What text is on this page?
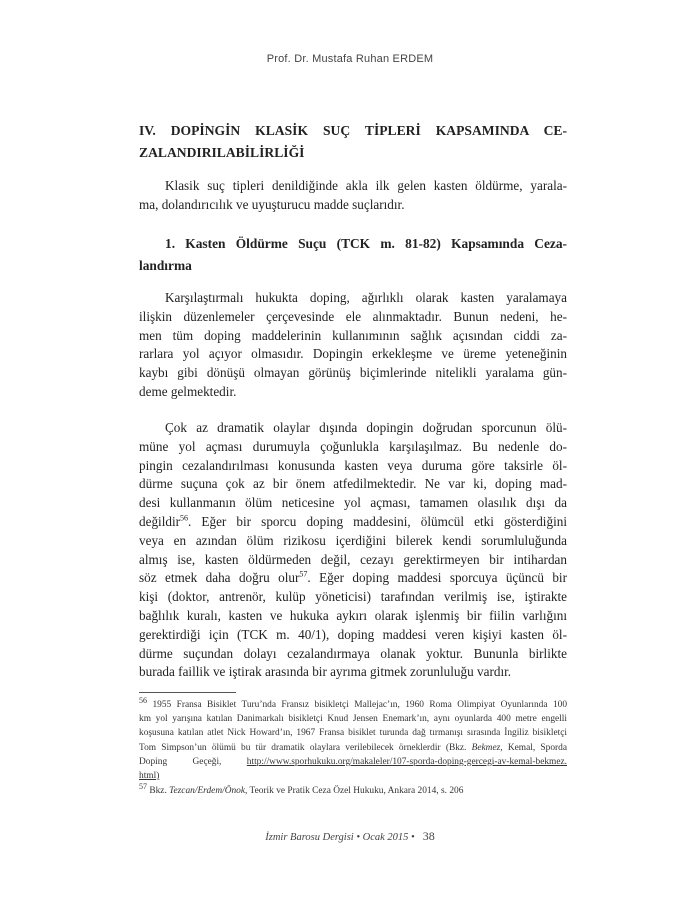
Prof. Dr. Mustafa Ruhan ERDEM
IV. DOPİNGİN KLASİK SUÇ TİPLERİ KAPSAMINDA CE-
ZALANDIRILABİLİRLİĞİ
Klasik suç tipleri denildiğinde akla ilk gelen kasten öldürme, yarala-
ma, dolandırıcılık ve uyuşturucu madde suçlarıdır.
1. Kasten Öldürme Suçu (TCK m. 81-82) Kapsamında Ceza-
landırma
Karşılaştırmalı hukukta doping, ağırlıklı olarak kasten yaralamaya
ilişkin düzenlemeler çerçevesinde ele alınmaktadır. Bunun nedeni, he-
men tüm doping maddelerinin kullanımının sağlık açısından ciddi za-
rarlara yol açıyor olmasıdır. Dopingin erkekleşme ve üreme yeteneğinin
kaybı gibi dönüşü olmayan görünüş biçimlerinde nitelikli yaralama gün-
deme gelmektedir.
Çok az dramatik olaylar dışında dopingin doğrudan sporcunun ölü-
müne yol açması durumuyla çoğunlukla karşılaşılmaz. Bu nedenle do-
pingin cezalandırılması konusunda kasten veya duruma göre taksirle öl-
dürme suçuna çok az bir önem atfedilmektedir. Ne var ki, doping mad-
desi kullanmanın ölüm neticesine yol açması, tamamen olasılık dışı da
değildir$^{56}$. Eğer bir sporcu doping maddesini, ölümcül etki gösterdiğini
veya en azından ölüm rizikosu içerdiğini bilerek kendi sorumluluğunda
almış ise, kasten öldürmeden değil, cezayı gerektirmeyen bir intihardan
söz etmek daha doğru olur$^{57}$. Eğer doping maddesi sporcuya üçüncü bir
kişi (doktor, antrenör, kulüp yöneticisi) tarafından verilmiş ise, iştirakte
bağlılık kuralı, kasten ve hukuka aykırı olarak işlenmiş bir fiilin varlığını
gerektirdiği için (TCK m. 40/1), doping maddesi veren kişiyi kasten öl-
dürme suçundan dolayı cezalandırmaya olanak yoktur. Bununla birlikte
burada faillik ve iştirak arasında bir ayrıma gitmek zorunluluğu vardır.
$^{56}$ 1955 Fransa Bisiklet Turu’nda Fransız bisikletçi Mallejac’ın, 1960 Roma Olimpiyat Oyunlarında 100
km yol yarışına katılan Danimarkalı bisikletçi Knud Jensen Enemark’ın, aynı oyunlarda 400 metre engelli
koşusuna katılan atlet Nick Howard’ın, 1967 Fransa bisiklet turunda dağ tırmanışı sırasında İngiliz bisikletçi
Tom Simpson’un ölümü bu tür dramatik olaylara verilebilecek örneklerdir (Bkz. Bekmez, Kemal, Sporda
Doping Geçeği, http://www.sporhukuku.org/makaleler/107-sporda-doping-gercegi-av-kemal-bekmez.
html)
$^{57}$ Bkz. Tezcan/Erdem/Önok, Teorik ve Pratik Ceza Özel Hukuku, Ankara 2014, s. 206
İzmir Barosu Dergisi • Ocak 2015 • 38
